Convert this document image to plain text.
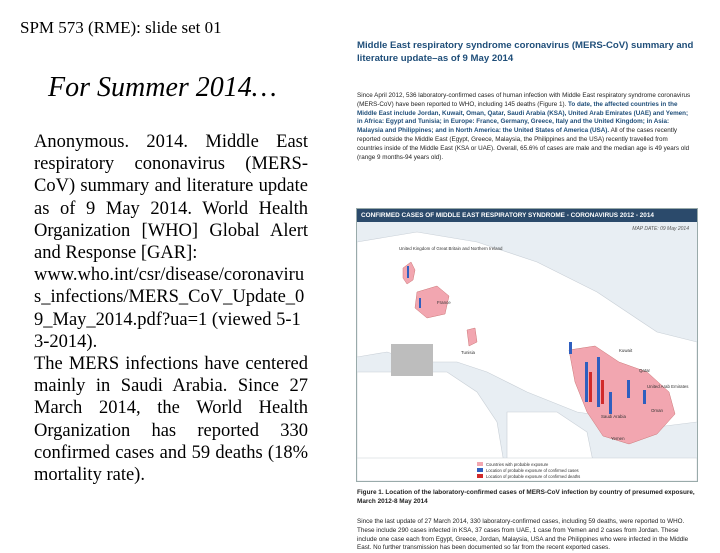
SPM 573 (RME): slide set 01
For Summer 2014…

Anonymous. 2014. Middle East respiratory cononavirus (MERS-CoV) summary and literature update as of 9 May 2014. World Health Organization [WHO] Global Alert and Response [GAR]:

www.who.int/csr/disease/coronavirus_infections/MERS_CoV_Update_09_May_2014.pdf?ua=1 (viewed 5-13-2014).

The MERS infections have centered mainly in Saudi Arabia. Since 27 March 2014, the World Health Organization has reported 330 confirmed cases and 59 deaths (18% mortality rate).

Middle East respiratory syndrome coronavirus (MERS-CoV) summary and literature update–as of 9 May 2014
Since April 2012, 536 laboratory-confirmed cases of human infection with Middle East respiratory syndrome coronavirus (MERS-CoV) have been reported to WHO, including 145 deaths (Figure 1). To date, the affected countries in the Middle East include Jordan, Kuwait, Oman, Qatar, Saudi Arabia (KSA), United Arab Emirates (UAE) and Yemen; in Africa: Egypt and Tunisia; in Europe: France, Germany, Greece, Italy and the United Kingdom; in Asia: Malaysia and Philippines; and in North America: the United States of America (USA). All of the cases recently reported outside the Middle East (Egypt, Greece, Malaysia, the Philippines and the USA) recently travelled from countries inside of the Middle East (KSA or UAE). Overall, 65.6% of cases are male and the median age is 49 years old (range 9 months-94 years old).
CONFIRMED CASES OF MIDDLE EAST RESPIRATORY SYNDROME - CORONAVIRUS 2012 - 2014
MAP DATE: 09 May 2014
United Kingdom of Great Britain and Northern Ireland
France
Tunisia	Kuwait
Qatar
United Arab Emirates
Saudi Arabia
Oman
Yemen
Countries with probable exposure
Location of probable exposure of confirmed cases
Location of probable exposure of confirmed deaths
Figure 1. Location of the laboratory-confirmed cases of MERS-CoV infection by country of presumed exposure, March 2012-8 May 2014
Since the last update of 27 March 2014, 330 laboratory-confirmed cases, including 59 deaths, were reported to WHO. These include 290 cases infected in KSA, 37 cases from UAE, 1 case from Yemen and 2 cases from Jordan. These include one case each from Egypt, Greece, Jordan, Malaysia, USA and the Philippines who were infected in the Middle East. No further transmission has been documented so far from the recent exported cases.
